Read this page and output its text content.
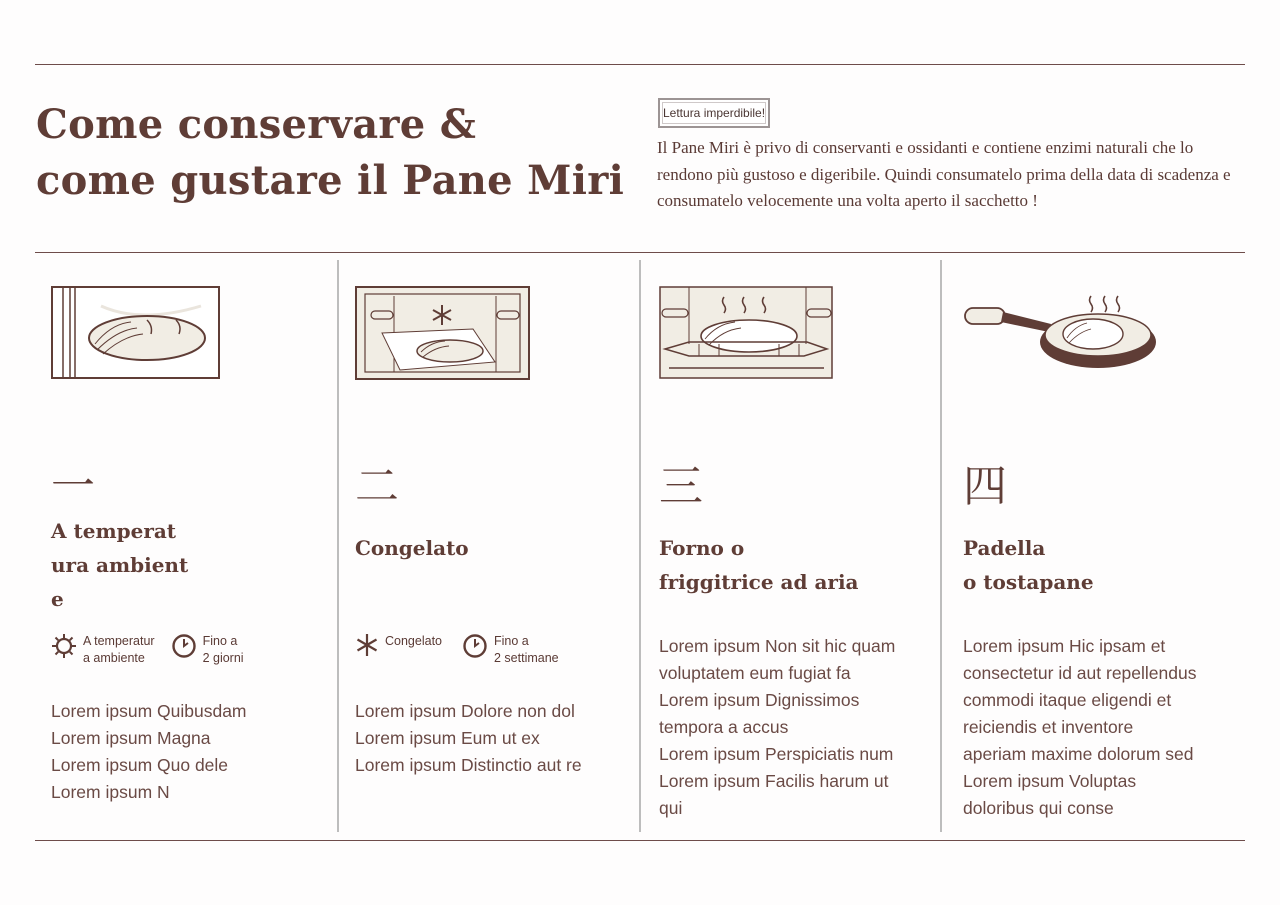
Come conservare &
come gustare il Pane Miri
Lettura imperdibile!

Il Pane Miri è privo di conservanti e ossidanti e contiene enzimi naturali che lo rendono più gustoso e digeribile. Quindi consumatelo prima della data di scadenza e consumatelo velocemente una volta aperto il sacchetto !

一
A temperat
ura ambient
e
A temperatur
a ambiente
Fino a
2 giorni
Lorem ipsum Quibusdam
Lorem ipsum Magna
Lorem ipsum Quo dele
Lorem ipsum N
二
Congelato
Congelato	Fino a
2 settimane
Lorem ipsum Dolore non dol
Lorem ipsum Eum ut ex
Lorem ipsum Distinctio aut re
三
Forno o
friggitrice ad aria
Lorem ipsum Non sit hic quam
voluptatem eum fugiat fa
Lorem ipsum Dignissimos
tempora a accus
Lorem ipsum Perspiciatis num
Lorem ipsum Facilis harum ut
qui
四
Padella
o tostapane
Lorem ipsum Hic ipsam et
consectetur id aut repellendus
commodi itaque eligendi et
reiciendis et inventore
aperiam maxime dolorum sed
Lorem ipsum Voluptas
doloribus qui conse
